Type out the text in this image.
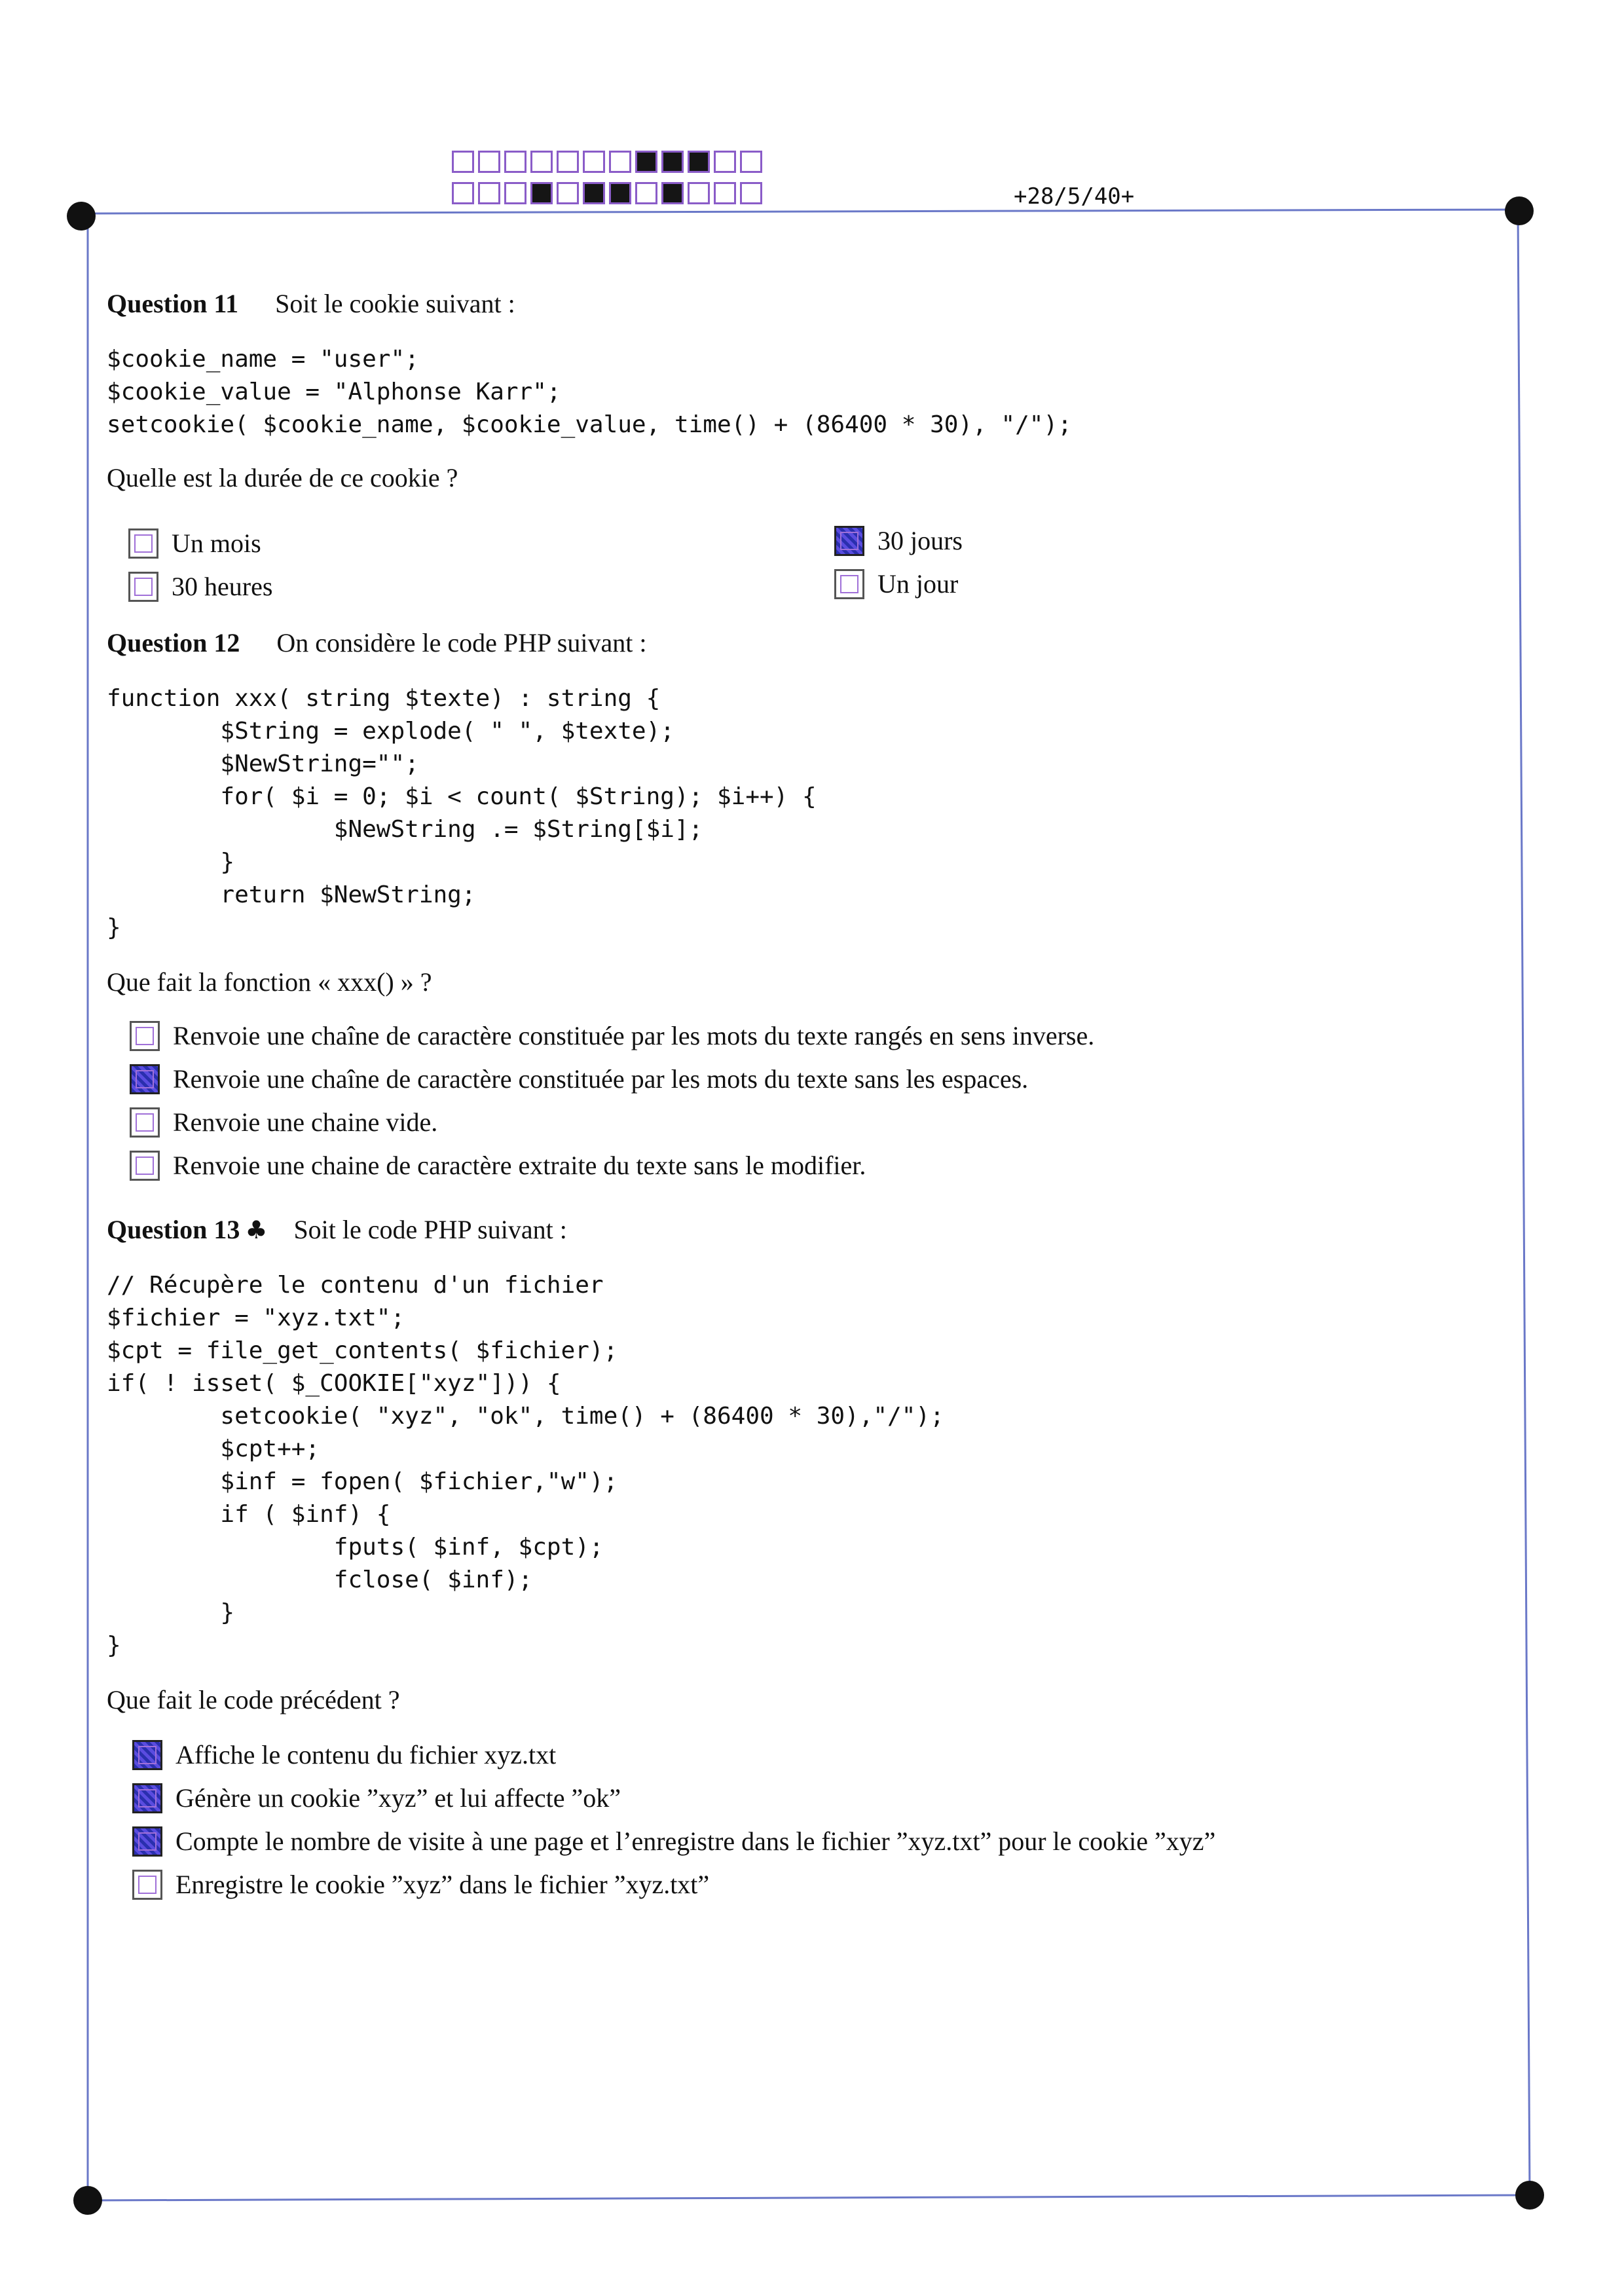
+28/5/40+
Question 11 Soit le cookie suivant :
$cookie_name = "user";
$cookie_value = "Alphonse Karr";
setcookie( $cookie_name, $cookie_value, time() + (86400 * 30), "/");
Quelle est la durée de ce cookie ?
Un mois
30 heures
30 jours
Un jour
Question 12 On considère le code PHP suivant :
function xxx( string $texte) : string {
$String = explode( " ", $texte);
$NewString="";
for( $i = 0; $i < count( $String); $i++) {
$NewString .= $String[$i];
}
return $NewString;
}
Que fait la fonction « xxx() » ?
Renvoie une chaîne de caractère constituée par les mots du texte rangés en sens inverse.
Renvoie une chaîne de caractère constituée par les mots du texte sans les espaces.
Renvoie une chaine vide.
Renvoie une chaine de caractère extraite du texte sans le modifier.
Question 13 ♣ Soit le code PHP suivant :
// Récupère le contenu d'un fichier
$fichier = "xyz.txt";
$cpt = file_get_contents( $fichier);
if( ! isset( $_COOKIE["xyz"])) {
setcookie( "xyz", "ok", time() + (86400 * 30),"/");
$cpt++;
$inf = fopen( $fichier,"w");
if ( $inf) {
fputs( $inf, $cpt);
fclose( $inf);
}
}
Que fait le code précédent ?
Affiche le contenu du fichier xyz.txt
Génère un cookie ”xyz” et lui affecte ”ok”
Compte le nombre de visite à une page et l’enregistre dans le fichier ”xyz.txt” pour le cookie ”xyz”
Enregistre le cookie ”xyz” dans le fichier ”xyz.txt”
